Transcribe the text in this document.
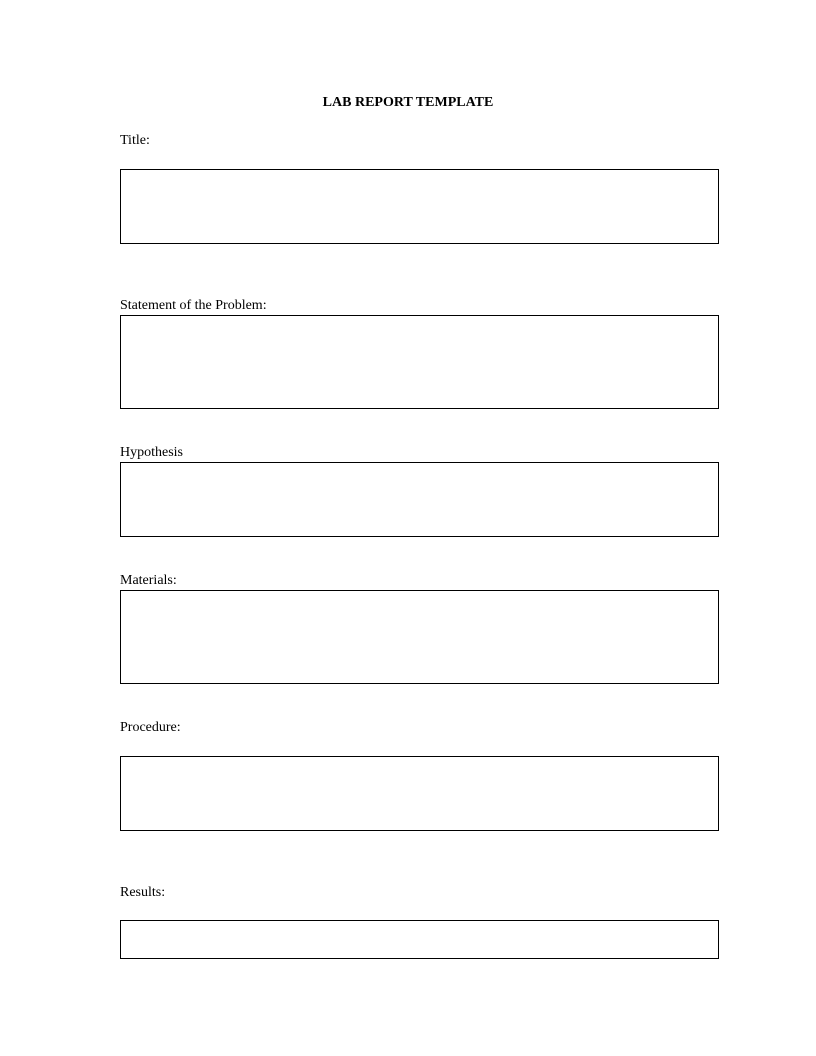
LAB REPORT TEMPLATE
Title:
Statement of the Problem:
Hypothesis
Materials:
Procedure:
Results:
